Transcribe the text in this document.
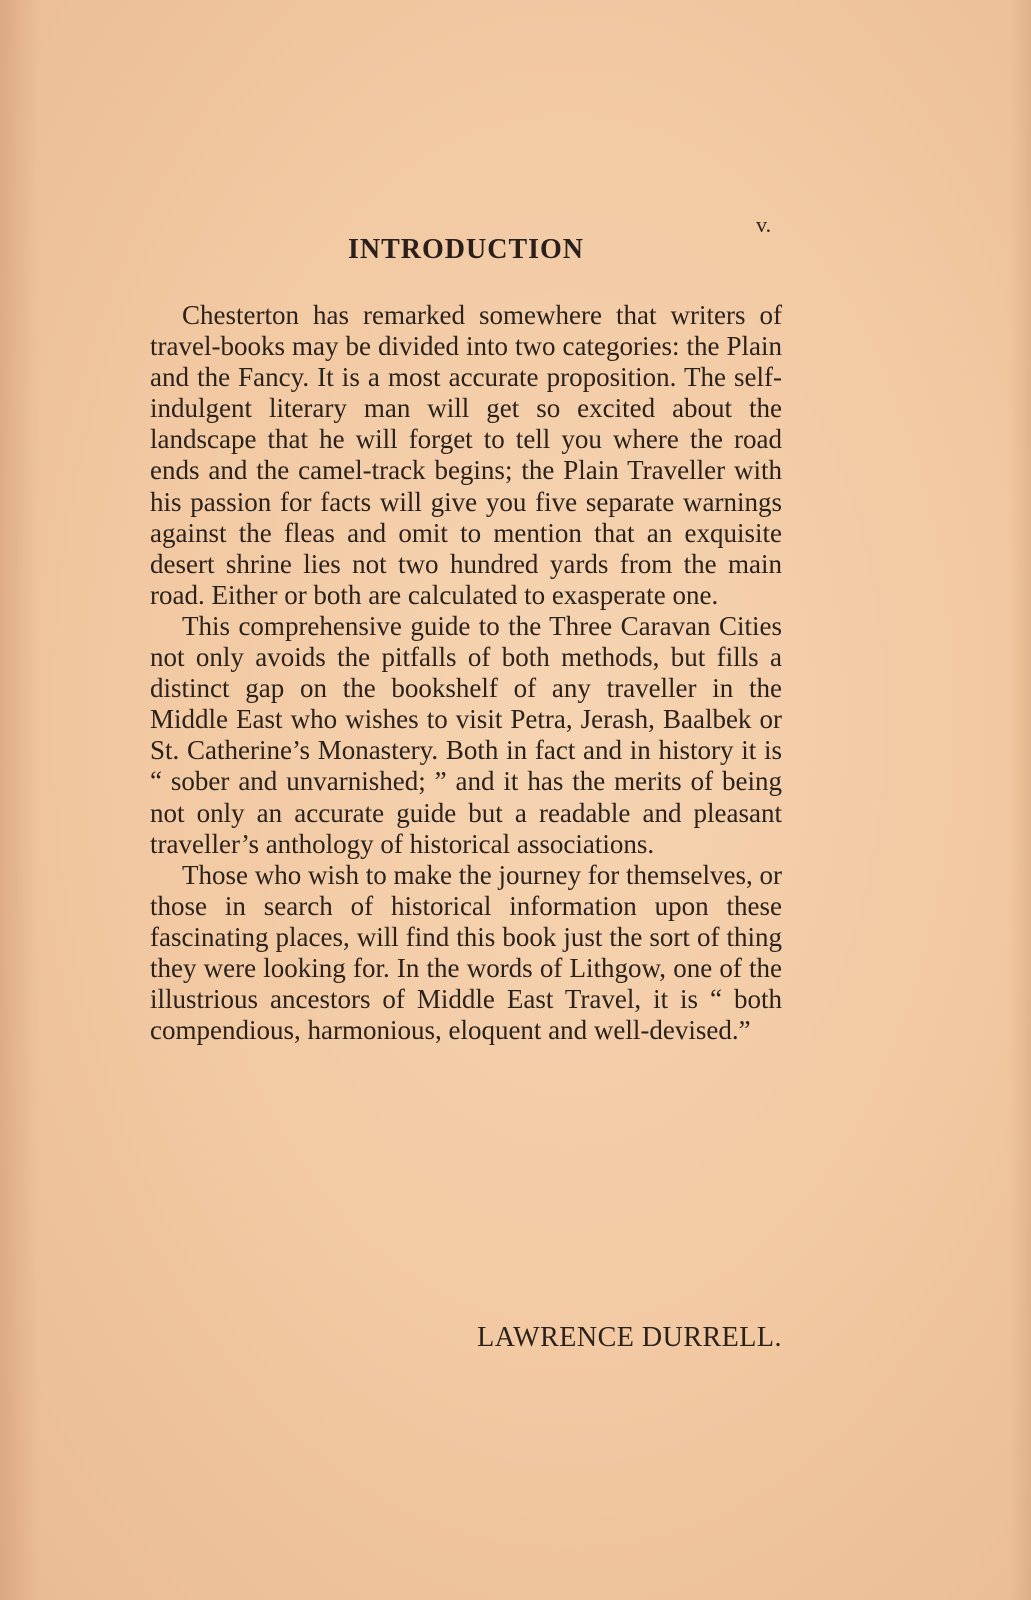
v.
INTRODUCTION

Chesterton has remarked somewhere that writers of travel-books may be divided into two categories: the Plain and the Fancy. It is a most accurate proposition. The self-indulgent literary man will get so excited about the landscape that he will forget to tell you where the road ends and the camel-track begins; the Plain Traveller with his passion for facts will give you five separate warnings against the fleas and omit to mention that an exquisite desert shrine lies not two hundred yards from the main road. Either or both are calculated to exasperate one.

This comprehensive guide to the Three Caravan Cities not only avoids the pitfalls of both methods, but fills a distinct gap on the bookshelf of any traveller in the Middle East who wishes to visit Petra, Jerash, Baalbek or St. Catherine’s Monastery. Both in fact and in history it is “ sober and unvarnished; ” and it has the merits of being not only an accurate guide but a readable and pleasant traveller’s anthology of historical associations.

Those who wish to make the journey for themselves, or those in search of historical information upon these fascinating places, will find this book just the sort of thing they were looking for. In the words of Lithgow, one of the illustrious ancestors of Middle East Travel, it is “ both compendious, harmonious, eloquent and well-devised.”

LAWRENCE DURRELL.
